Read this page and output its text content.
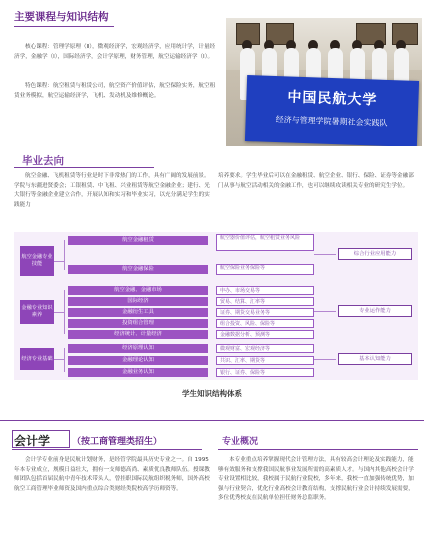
主要课程与知识结构

核心课程：管理学原理（Ⅱ），微观经济学，宏观经济学，应用统计学，计量经济学，金融学（Ⅰ），国际经济学，会计学原理，财务管理，航空运输经济学（Ⅰ）。

特色课程：航空租赁与租赁公司，航空资产价值评估，航空保险实务，航空租赁业务模拟，航空运输经济学，飞机、发动机及维修概论。	中国民航大学
经济与管理学院暑期社会实践队
毕业去向

航空金融、飞机租赁等行业是时下非常热门的工作，具有广阔的发展前景。学院与东疆进贤委会；工银租赁、中飞租、兴业租赁等航空金融企业；建行、光大银行等金融企业建立合作，开展认知和实习和毕业实习，以充分满足学生的实践能力

培养要求。学生毕业后可以在金融租赁、航空企业、银行、保险、证券等金融部门从事与航空活动相关的金融工作，也可以继续攻读相关专业的研究生学位。

航空金融专业技能
航空金融租赁
航空金融保险
航空器价值评估，航空租赁业务风险
航空保险业务保险等
综合行业应用能力
金融专业知识素养
航空金融、金融市场
国际经济
金融衍生工具
投资组合管理
经济统计、计量经济
申办、市场交易等
贸易、结算、汇率等
证券、期货交易业务等
组合投资、风险、保险等
金融数据分析、预测等
专业运作能力
经济专业基础
经济原理认知
金融理论认知
金融业务认知
微观财富、宏观经济等
共识、汇率、期货等
银行、证券、保险等
基本认知能力
学生知识结构体系
会计学 （按工商管理类招生）	专业概况

会计学专业前身是民航计划财务，是经管学院最具历史专业之一。自 1995 年本专业成立，规模日益壮大，拥有一支师德高尚、素质优良教师队伍。授课教师团队包括首届民航中青年技术带头人，曾挂职国际民航组织税务师，国外高校航空工商管理毕业师资及国内重点综合类财经类院校高学历师资等。

本专业重点培养掌握现代会计管理方法，具有较高会计理论及实践能力，能够有效服务和支撑我国民航事业发展所需的高素质人才。与国内其他高校会计学专业设置相比较，我校属于民航行业院校，多年来，我校一直加强传统优势，加强与行业契合，优化行业高校会计教育结构，支撑民航行业会计持续发展需要，多位优秀校友在民航单位担任财务总监职务。
